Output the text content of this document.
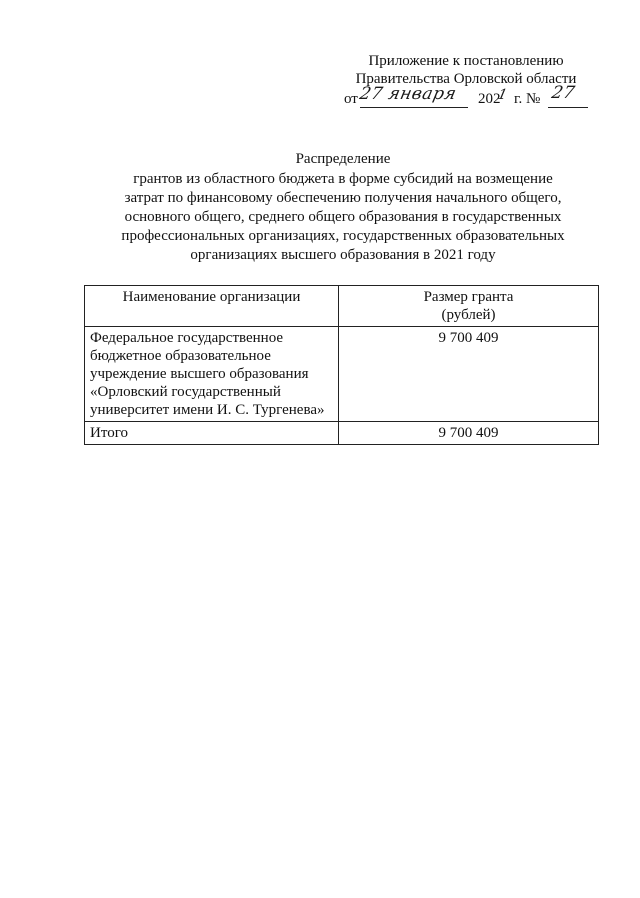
Приложение к постановлению
Правительства Орловской области
от 27 января 202
1 г. № 27
Распределение
грантов из областного бюджета в форме субсидий на возмещение
затрат по финансовому обеспечению получения начального общего,
основного общего, среднего общего образования в государственных
профессиональных организациях, государственных образовательных
организациях высшего образования в 2021 году
Наименование организации	Размер гранта
(рублей)

Федеральное государственное
бюджетное образовательное
учреждение высшего образования
«Орловский государственный
университет имени И. С. Тургенева»	9 700 409
Итого	9 700 409
